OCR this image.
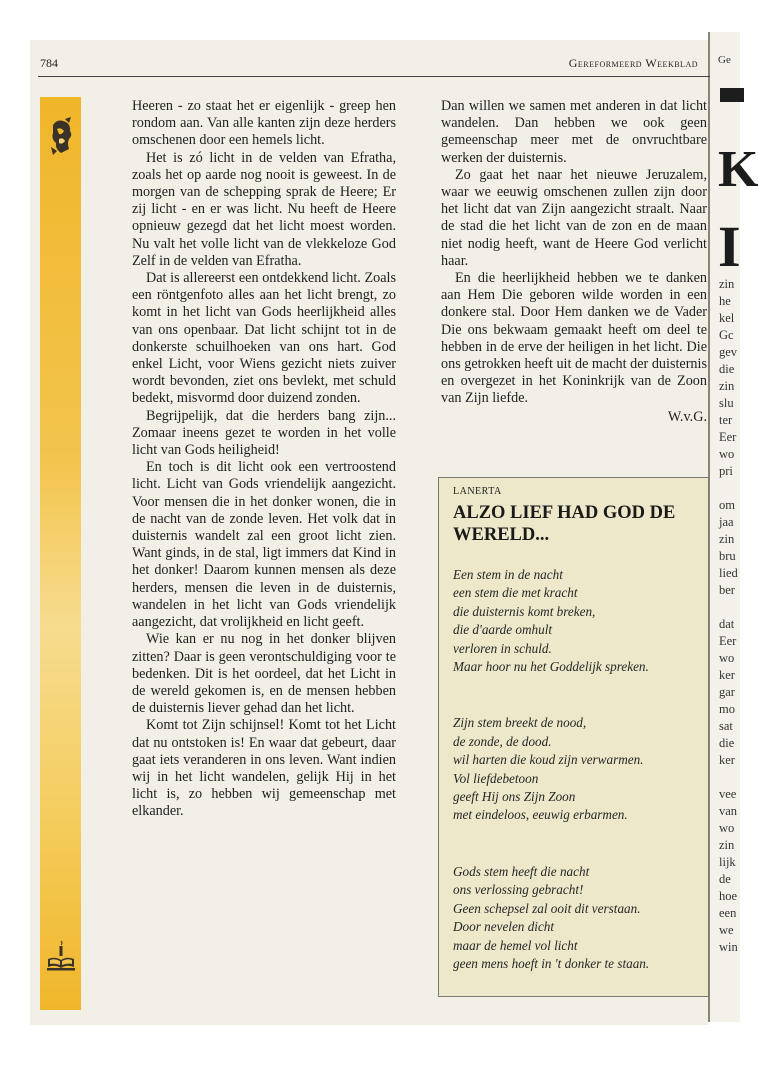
Ge
K
I
zin
he
kel
Gc
gev
die
zin
slu
ter
Eer
wo
pri

om
jaa
zin
bru
lied
ber

dat
Eer
wo
ker
gar
mo
sat
die
ker

vee
van
wo
zin
lijk
de
hoe
een
we
win
784	Gereformeerd Weekblad

Heeren - zo staat het er eigenlijk - greep hen rondom aan. Van alle kanten zijn deze herders omschenen door een hemels licht.

Het is zó licht in de velden van Efratha, zoals het op aarde nog nooit is geweest. In de morgen van de schepping sprak de Heere; Er zij licht - en er was licht. Nu heeft de Heere opnieuw gezegd dat het licht moest worden. Nu valt het volle licht van de vlekkeloze God Zelf in de velden van Efratha.

Dat is allereerst een ontdekkend licht. Zoals een röntgenfoto alles aan het licht brengt, zo komt in het licht van Gods heerlijkheid alles van ons openbaar. Dat licht schijnt tot in de donkerste schuilhoeken van ons hart. God enkel Licht, voor Wiens gezicht niets zuiver wordt bevonden, ziet ons bevlekt, met schuld bedekt, misvormd door duizend zonden.

Begrijpelijk, dat die herders bang zijn... Zomaar ineens gezet te worden in het volle licht van Gods heiligheid!

En toch is dit licht ook een vertroostend licht. Licht van Gods vriendelijk aangezicht. Voor mensen die in het donker wonen, die in de nacht van de zonde leven. Het volk dat in duisternis wandelt zal een groot licht zien. Want ginds, in de stal, ligt immers dat Kind in het donker! Daarom kunnen mensen als deze herders, mensen die leven in de duisternis, wandelen in het licht van Gods vriendelijk aangezicht, dat vrolijkheid en licht geeft.

Wie kan er nu nog in het donker blijven zitten? Daar is geen verontschuldiging voor te bedenken. Dit is het oordeel, dat het Licht in de wereld gekomen is, en de mensen hebben de duisternis liever gehad dan het licht.

Komt tot Zijn schijnsel! Komt tot het Licht dat nu ontstoken is! En waar dat gebeurt, daar gaat iets veranderen in ons leven. Want indien wij in het licht wandelen, gelijk Hij in het licht is, zo hebben wij gemeenschap met elkander.

Dan willen we samen met anderen in dat licht wandelen. Dan hebben we ook geen gemeenschap meer met de onvruchtbare werken der duisternis.

Zo gaat het naar het nieuwe Jeruzalem, waar we eeuwig omschenen zullen zijn door het licht dat van Zijn aangezicht straalt. Naar de stad die het licht van de zon en de maan niet nodig heeft, want de Heere God verlicht haar.

En die heerlijkheid hebben we te danken aan Hem Die geboren wilde worden in een donkere stal. Door Hem danken we de Vader Die ons bekwaam gemaakt heeft om deel te hebben in de erve der heiligen in het licht. Die ons getrokken heeft uit de macht der duisternis en overgezet in het Koninkrijk van de Zoon van Zijn liefde.

W.v.G.

LANERTA
ALZO LIEF HAD GOD DE WERELD...
Een stem in de nacht
een stem die met kracht
die duisternis komt breken,
die d'aarde omhult
verloren in schuld.
Maar hoor nu het Goddelijk spreken.
Zijn stem breekt de nood,
de zonde, de dood.
wil harten die koud zijn verwarmen.
Vol liefdebetoon
geeft Hij ons Zijn Zoon
met eindeloos, eeuwig erbarmen.
Gods stem heeft die nacht
ons verlossing gebracht!
Geen schepsel zal ooit dit verstaan.
Door nevelen dicht
maar de hemel vol licht
geen mens hoeft in 't donker te staan.
